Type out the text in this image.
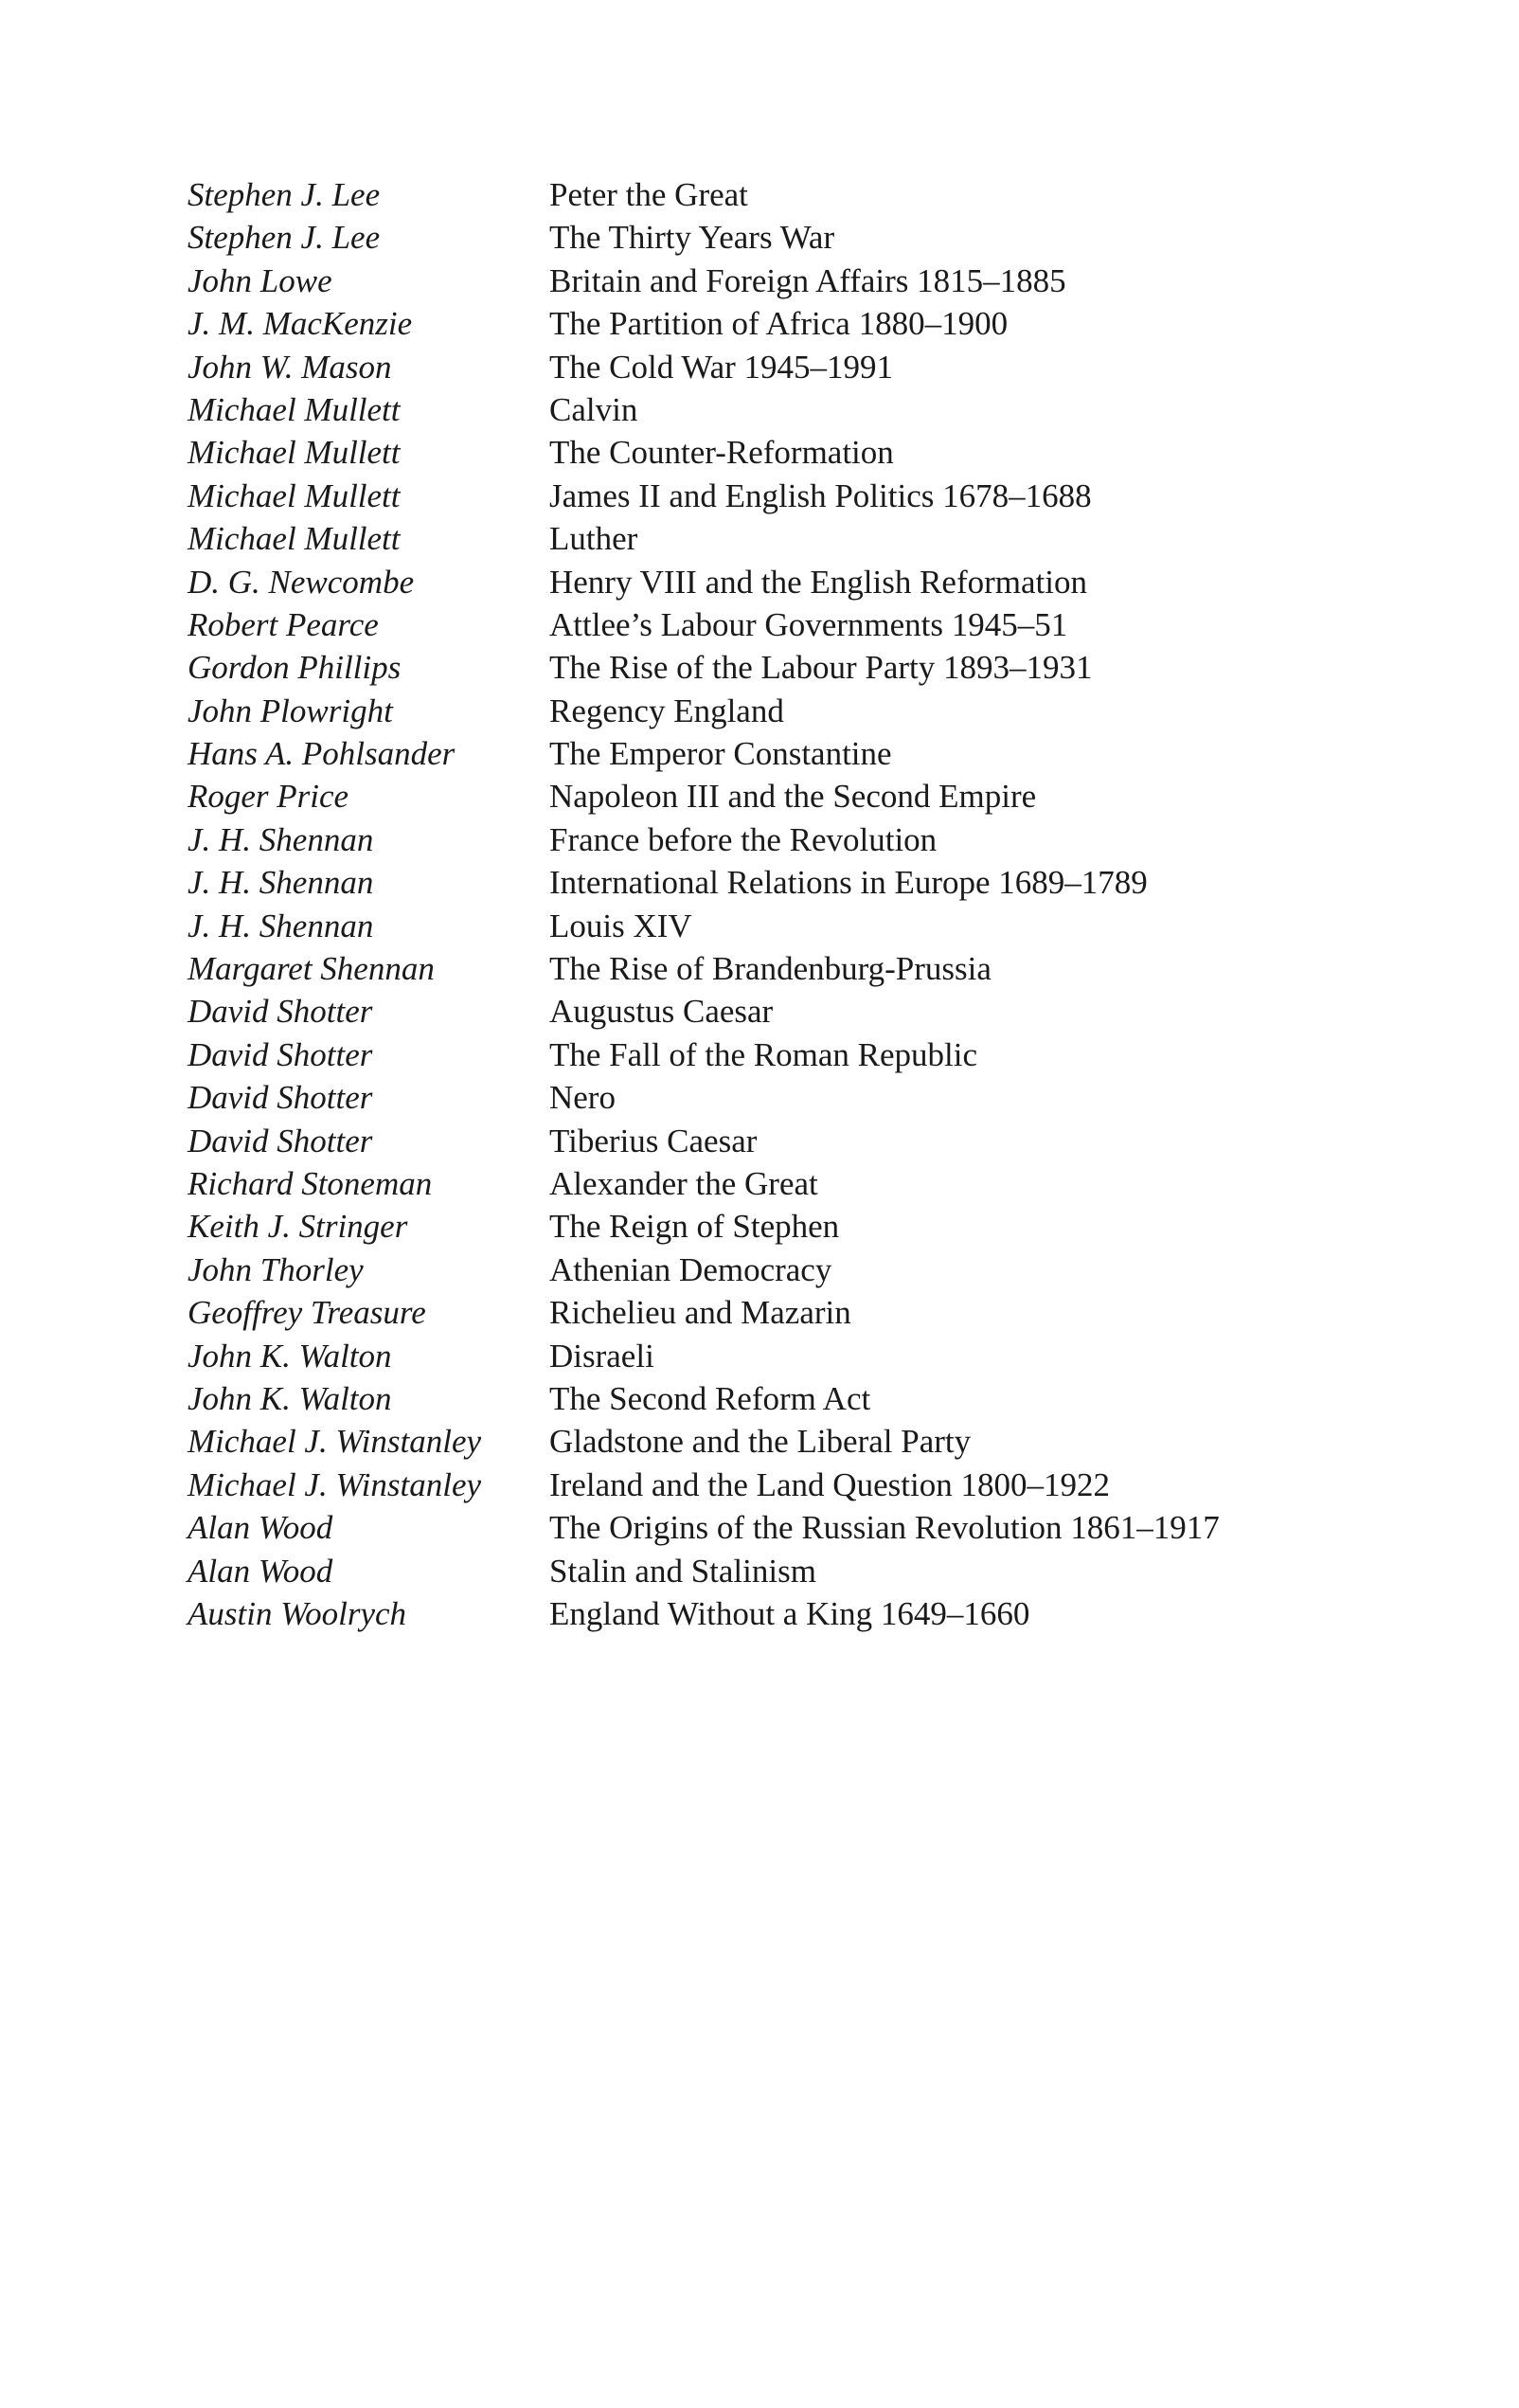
Stephen J. Lee	Peter the Great
Stephen J. Lee	The Thirty Years War
John Lowe	Britain and Foreign Affairs 1815–1885
J. M. MacKenzie	The Partition of Africa 1880–1900
John W. Mason	The Cold War 1945–1991
Michael Mullett	Calvin
Michael Mullett	The Counter-Reformation
Michael Mullett	James II and English Politics 1678–1688
Michael Mullett	Luther
D. G. Newcombe	Henry VIII and the English Reformation
Robert Pearce	Attlee’s Labour Governments 1945–51
Gordon Phillips	The Rise of the Labour Party 1893–1931
John Plowright	Regency England
Hans A. Pohlsander	The Emperor Constantine
Roger Price	Napoleon III and the Second Empire
J. H. Shennan	France before the Revolution
J. H. Shennan	International Relations in Europe 1689–1789
J. H. Shennan	Louis XIV
Margaret Shennan	The Rise of Brandenburg-Prussia
David Shotter	Augustus Caesar
David Shotter	The Fall of the Roman Republic
David Shotter	Nero
David Shotter	Tiberius Caesar
Richard Stoneman	Alexander the Great
Keith J. Stringer	The Reign of Stephen
John Thorley	Athenian Democracy
Geoffrey Treasure	Richelieu and Mazarin
John K. Walton	Disraeli
John K. Walton	The Second Reform Act
Michael J. Winstanley	Gladstone and the Liberal Party
Michael J. Winstanley	Ireland and the Land Question 1800–1922
Alan Wood	The Origins of the Russian Revolution 1861–1917
Alan Wood	Stalin and Stalinism
Austin Woolrych	England Without a King 1649–1660
